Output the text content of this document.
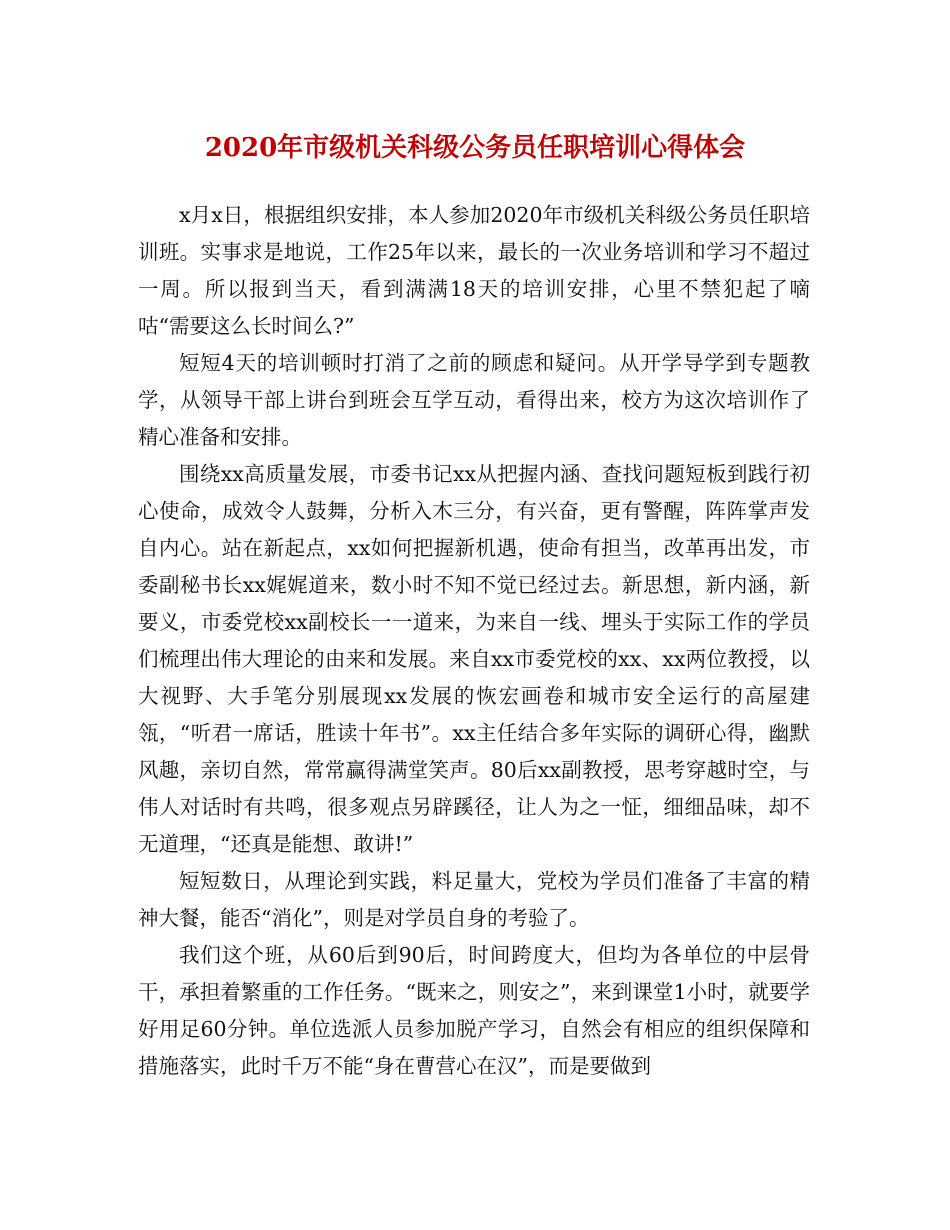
2020年市级机关科级公务员任职培训心得体会

x月x日，根据组织安排，本人参加2020年市级机关科级公务员任职培训班。实事求是地说，工作25年以来，最长的一次业务培训和学习不超过一周。所以报到当天，看到满满18天的培训安排，心里不禁犯起了嘀咕“需要这么长时间么?”

短短4天的培训顿时打消了之前的顾虑和疑问。从开学导学到专题教学，从领导干部上讲台到班会互学互动，看得出来，校方为这次培训作了精心准备和安排。

围绕xx高质量发展，市委书记xx从把握内涵、查找问题短板到践行初心使命，成效令人鼓舞，分析入木三分，有兴奋，更有警醒，阵阵掌声发自内心。站在新起点，xx如何把握新机遇，使命有担当，改革再出发，市委副秘书长xx娓娓道来，数小时不知不觉已经过去。新思想，新内涵，新要义，市委党校xx副校长一一道来，为来自一线、埋头于实际工作的学员们梳理出伟大理论的由来和发展。来自xx市委党校的xx、xx两位教授，以大视野、大手笔分别展现xx发展的恢宏画卷和城市安全运行的高屋建瓴，“听君一席话，胜读十年书”。xx主任结合多年实际的调研心得，幽默风趣，亲切自然，常常赢得满堂笑声。80后xx副教授，思考穿越时空，与伟人对话时有共鸣，很多观点另辟蹊径，让人为之一怔，细细品味，却不无道理，“还真是能想、敢讲!”

短短数日，从理论到实践，料足量大，党校为学员们准备了丰富的精神大餐，能否“消化”，则是对学员自身的考验了。

我们这个班，从60后到90后，时间跨度大，但均为各单位的中层骨干，承担着繁重的工作任务。“既来之，则安之”，来到课堂1小时，就要学好用足60分钟。单位选派人员参加脱产学习，自然会有相应的组织保障和措施落实，此时千万不能“身在曹营心在汉”，而是要做到
